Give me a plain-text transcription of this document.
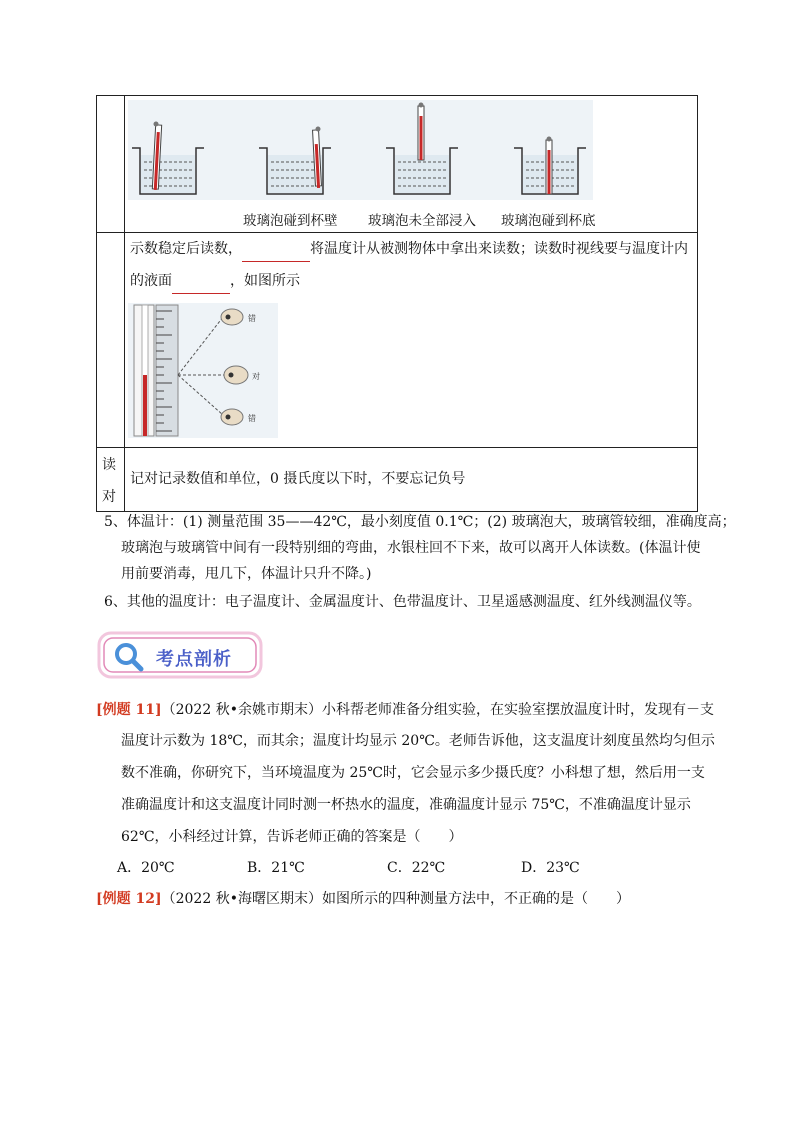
玻璃泡碰到杯壁 玻璃泡未全部浸入 玻璃泡碰到杯底
示数稳定后读数，	将温度计从被测物体中拿出来读数；读数时视线要与温度计内
的液面	，如图所示
错
对
错
读
对
记对记录数值和单位，0 摄氏度以下时，不要忘记负号
5、体温计：(1) 测量范围 35——42℃，最小刻度值 0.1℃；(2) 玻璃泡大，玻璃管较细，准确度高；
玻璃泡与玻璃管中间有一段特别细的弯曲，水银柱回不下来，故可以离开人体读数。(体温计使
用前要消毒，甩几下，体温计只升不降。)
6、其他的温度计：电子温度计、金属温度计、色带温度计、卫星遥感测温度、红外线测温仪等。
考点剖析
[例题 11]（2022 秋•余姚市期末）小科帮老师准备分组实验，在实验室摆放温度计时，发现有－支
温度计示数为 18℃，而其余；温度计均显示 20℃。老师告诉他，这支温度计刻度虽然均匀但示
数不准确，你研究下，当环境温度为 25℃时，它会显示多少摄氏度？小科想了想，然后用一支
准确温度计和这支温度计同时测一杯热水的温度，准确温度计显示 75℃，不准确温度计显示
62℃，小科经过计算，告诉老师正确的答案是（　　）
A．20℃	B．21℃	C．22℃	D．23℃
[例题 12]（2022 秋•海曙区期末）如图所示的四种测量方法中，不正确的是（　　）
